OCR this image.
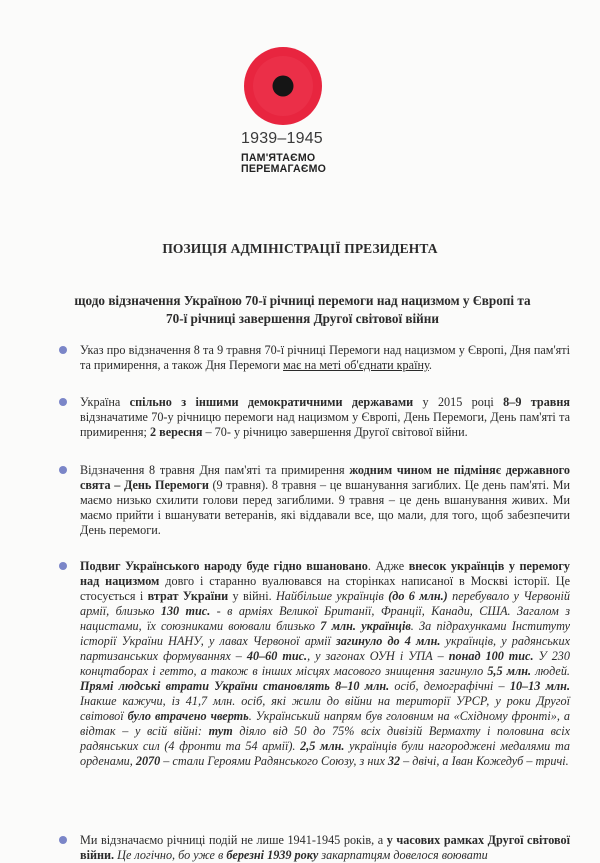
1939–1945
ПАМ'ЯТАЄМО
ПЕРЕМАГАЄМО
ПОЗИЦІЯ АДМІНІСТРАЦІЇ ПРЕЗИДЕНТА
щодо відзначення Україною 70-ї річниці перемоги над нацизмом у Європі та
70-ї річниці завершення Другої світової війни
Указ про відзначення 8 та 9 травня 70-ї річниці Перемоги над нацизмом у Європі, Дня пам'яті та примирення, а також Дня Перемоги має на меті об'єднати країну.
Україна спільно з іншими демократичними державами у 2015 році 8–9 травня відзначатиме 70-у річницю перемоги над нацизмом у Європі, День Перемоги, День пам'яті та примирення; 2 вересня – 70- у річницю завершення Другої світової війни.
Відзначення 8 травня Дня пам'яті та примирення жодним чином не підміняє державного свята – День Перемоги (9 травня). 8 травня – це вшанування загиблих. Це день пам'яті. Ми маємо низько схилити голови перед загиблими. 9 травня – це день вшанування живих. Ми маємо прийти і вшанувати ветеранів, які віддавали все, що мали, для того, щоб забезпечити День перемоги.
Подвиг Українського народу буде гідно вшановано. Адже внесок українців у перемогу над нацизмом довго і старанно вуалювався на сторінках написаної в Москві історії. Це стосується і втрат України у війні. Найбільше українців (до 6 млн.) перебувало у Червоній армії, близько 130 тис. - в арміях Великої Британії, Франції, Канади, США. Загалом з нацистами, їх союзниками воювали близько 7 млн. українців. За підрахунками Інституту історії України НАНУ, у лавах Червоної армії загинуло до 4 млн. українців, у радянських партизанських формуваннях – 40–60 тис., у загонах ОУН і УПА – понад 100 тис. У 230 концтаборах і гетто, а також в інших місцях масового знищення загинуло 5,5 млн. людей. Прямі людські втрати України становлять 8–10 млн. осіб, демографічні – 10–13 млн. Інакше кажучи, із 41,7 млн. осіб, які жили до війни на території УРСР, у роки Другої світової було втрачено чверть. Український напрям був головним на «Східному фронті», а відтак – у всій війні: тут діяло від 50 до 75% всіх дивізій Вермахту і половина всіх радянських сил (4 фронти та 54 армії). 2,5 млн. українців були нагороджені медалями та орденами, 2070 – стали Героями Радянського Союзу, з них 32 – двічі, а Іван Кожедуб – тричі.
Ми відзначаємо річниці подій не лише 1941-1945 років, а у часових рамках Другої світової війни. Це логічно, бо уже в березні 1939 року закарпатцям довелося воювати
